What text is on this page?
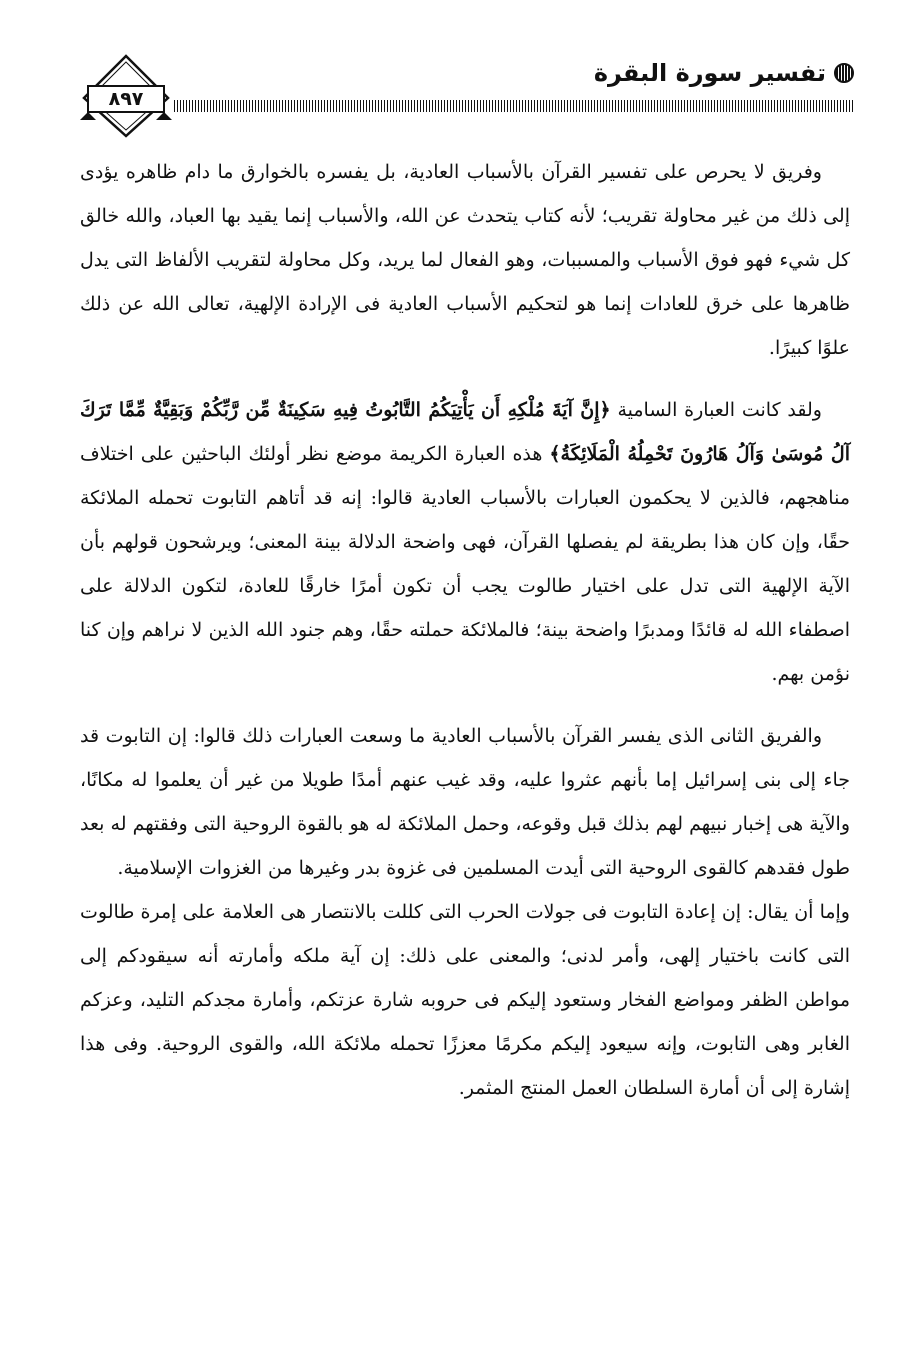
٨٩٧
تفسير سورة البقرة

وفريق لا يحرص على تفسير القرآن بالأسباب العادية، بل يفسره بالخوارق ما دام ظاهره يؤدى إلى ذلك من غير محاولة تقريب؛ لأنه كتاب يتحدث عن الله، والأسباب إنما يقيد بها العباد، والله خالق كل شيء فهو فوق الأسباب والمسببات، وهو الفعال لما يريد، وكل محاولة لتقريب الألفاظ التى يدل ظاهرها على خرق للعادات إنما هو لتحكيم الأسباب العادية فى الإرادة الإلهية، تعالى الله عن ذلك علوًا كبيرًا.

ولقد كانت العبارة السامية ﴿إِنَّ آيَةَ مُلْكِهِ أَن يَأْتِيَكُمُ التَّابُوتُ فِيهِ سَكِينَةٌ مِّن رَّبِّكُمْ وَبَقِيَّةٌ مِّمَّا تَرَكَ آلُ مُوسَىٰ وَآلُ هَارُونَ تَحْمِلُهُ الْمَلَائِكَةُ﴾ هذه العبارة الكريمة موضع نظر أولئك الباحثين على اختلاف مناهجهم، فالذين لا يحكمون العبارات بالأسباب العادية قالوا: إنه قد أتاهم التابوت تحمله الملائكة حقًا، وإن كان هذا بطريقة لم يفصلها القرآن، فهى واضحة الدلالة بينة المعنى؛ ويرشحون قولهم بأن الآية الإلهية التى تدل على اختيار طالوت يجب أن تكون أمرًا خارقًا للعادة، لتكون الدلالة على اصطفاء الله له قائدًا ومدبرًا واضحة بينة؛ فالملائكة حملته حقًا، وهم جنود الله الذين لا نراهم وإن كنا نؤمن بهم.

والفريق الثانى الذى يفسر القرآن بالأسباب العادية ما وسعت العبارات ذلك قالوا: إن التابوت قد جاء إلى بنى إسرائيل إما بأنهم عثروا عليه، وقد غيب عنهم أمدًا طويلا من غير أن يعلموا له مكانًا، والآية هى إخبار نبيهم لهم بذلك قبل وقوعه، وحمل الملائكة له هو بالقوة الروحية التى وفقتهم له بعد طول فقدهم كالقوى الروحية التى أيدت المسلمين فى غزوة بدر وغيرها من الغزوات الإسلامية.

وإما أن يقال: إن إعادة التابوت فى جولات الحرب التى كللت بالانتصار هى العلامة على إمرة طالوت التى كانت باختيار إلهى، وأمر لدنى؛ والمعنى على ذلك: إن آية ملكه وأمارته أنه سيقودكم إلى مواطن الظفر ومواضع الفخار وستعود إليكم فى حروبه شارة عزتكم، وأمارة مجدكم التليد، وعزكم الغابر وهى التابوت، وإنه سيعود إليكم مكرمًا معززًا تحمله ملائكة الله، والقوى الروحية. وفى هذا إشارة إلى أن أمارة السلطان العمل المنتج المثمر.
